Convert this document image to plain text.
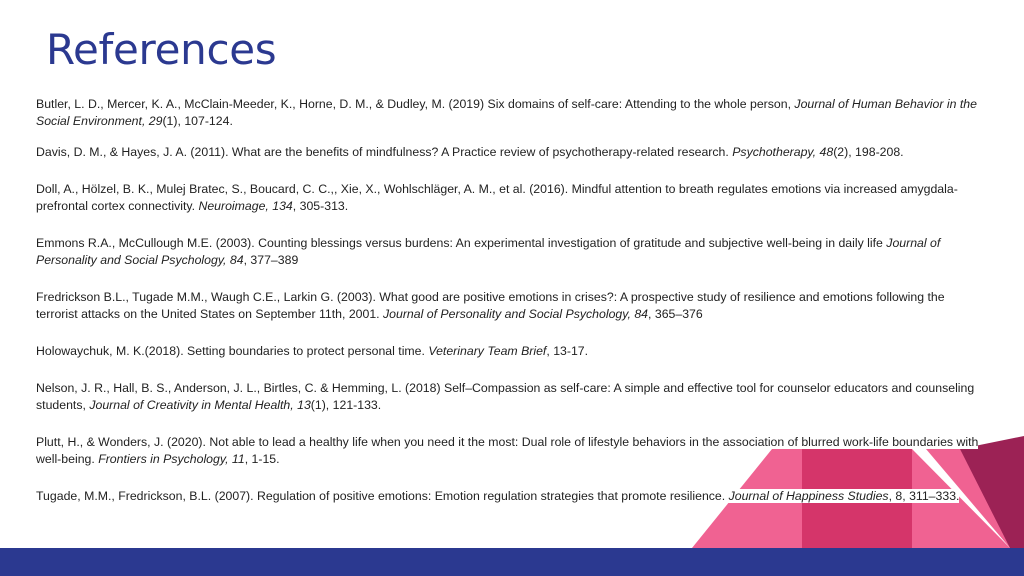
References

Butler, L. D., Mercer, K. A., McClain-Meeder, K., Horne, D. M., & Dudley, M. (2019) Six domains of self-care: Attending to the whole person, Journal of Human Behavior in the Social Environment, 29(1), 107-124.

Davis, D. M., & Hayes, J. A. (2011). What are the benefits of mindfulness? A Practice review of psychotherapy-related research. Psychotherapy, 48(2), 198-208.

Doll, A., Hölzel, B. K., Mulej Bratec, S., Boucard, C. C.,, Xie, X., Wohlschläger, A. M., et al. (2016). Mindful attention to breath regulates emotions via increased amygdala-prefrontal cortex connectivity. Neuroimage, 134, 305-313.

Emmons R.A., McCullough M.E. (2003). Counting blessings versus burdens: An experimental investigation of gratitude and subjective well-being in daily life Journal of Personality and Social Psychology, 84, 377–389

Fredrickson B.L., Tugade M.M., Waugh C.E., Larkin G. (2003). What good are positive emotions in crises?: A prospective study of resilience and emotions following the terrorist attacks on the United States on September 11th, 2001. Journal of Personality and Social Psychology, 84, 365–376

Holowaychuk, M. K.(2018). Setting boundaries to protect personal time. Veterinary Team Brief, 13-17.

Nelson, J. R., Hall, B. S., Anderson, J. L., Birtles, C. & Hemming, L. (2018) Self–Compassion as self-care: A simple and effective tool for counselor educators and counseling students, Journal of Creativity in Mental Health, 13(1), 121-133.

Plutt, H., & Wonders, J. (2020). Not able to lead a healthy life when you need it the most: Dual role of lifestyle behaviors in the association of blurred work-life boundaries with well-being. Frontiers in Psychology, 11, 1-15.

Tugade, M.M., Fredrickson, B.L. (2007). Regulation of positive emotions: Emotion regulation strategies that promote resilience. Journal of Happiness Studies, 8, 311–333.
